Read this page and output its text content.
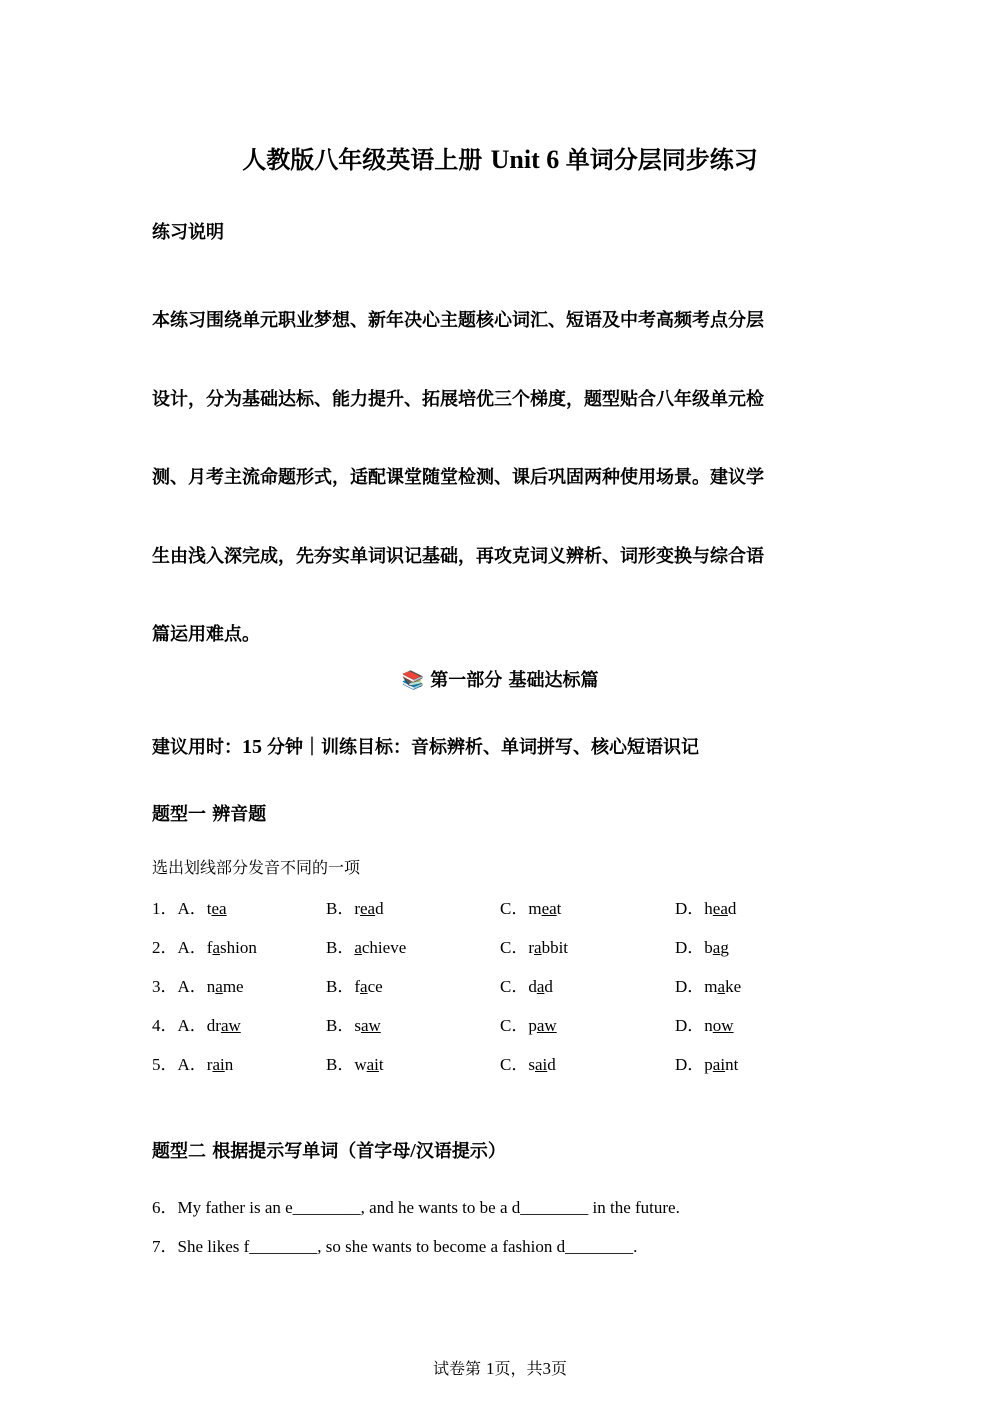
人教版八年级英语上册 Unit 6 单词分层同步练习
练习说明
本练习围绕单元职业梦想、新年决心主题核心词汇、短语及中考高频考点分层
设计，分为基础达标、能力提升、拓展培优三个梯度，题型贴合八年级单元检
测、月考主流命题形式，适配课堂随堂检测、课后巩固两种使用场景。建议学
生由浅入深完成，先夯实单词识记基础，再攻克词义辨析、词形变换与综合语
篇运用难点。
📚 第一部分 基础达标篇
建议用时：15 分钟｜训练目标：音标辨析、单词拼写、核心短语识记
题型一 辨音题
选出划线部分发音不同的一项
1．A．tea	B．read	C．meat	D．head
2．A．fashion	B．achieve	C．rabbit	D．bag
3．A．name	B．face	C．dad	D．make
4．A．draw	B．saw	C．paw	D．now
5．A．rain	B．wait	C．said	D．paint
题型二 根据提示写单词（首字母/汉语提示）
6．My father is an e________, and he wants to be a d________ in the future.
7．She likes f________, so she wants to become a fashion d________.
试卷第 1页，共3页
